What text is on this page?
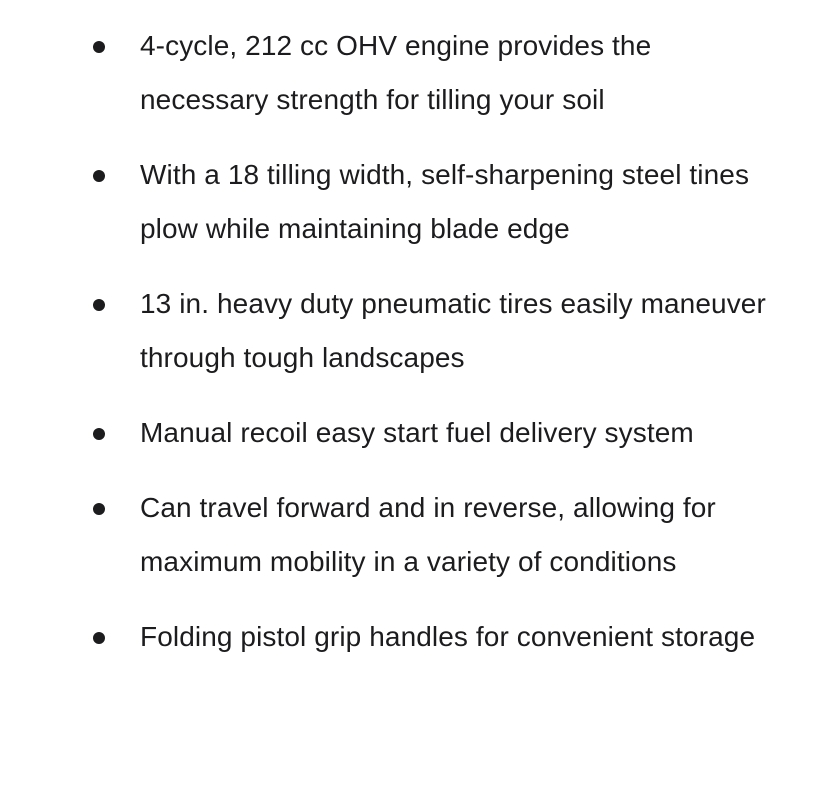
4-cycle, 212 cc OHV engine provides the necessary strength for tilling your soil
With a 18 tilling width, self-sharpening steel tines plow while maintaining blade edge
13 in. heavy duty pneumatic tires easily maneuver through tough landscapes
Manual recoil easy start fuel delivery system
Can travel forward and in reverse, allowing for maximum mobility in a variety of conditions
Folding pistol grip handles for convenient storage
